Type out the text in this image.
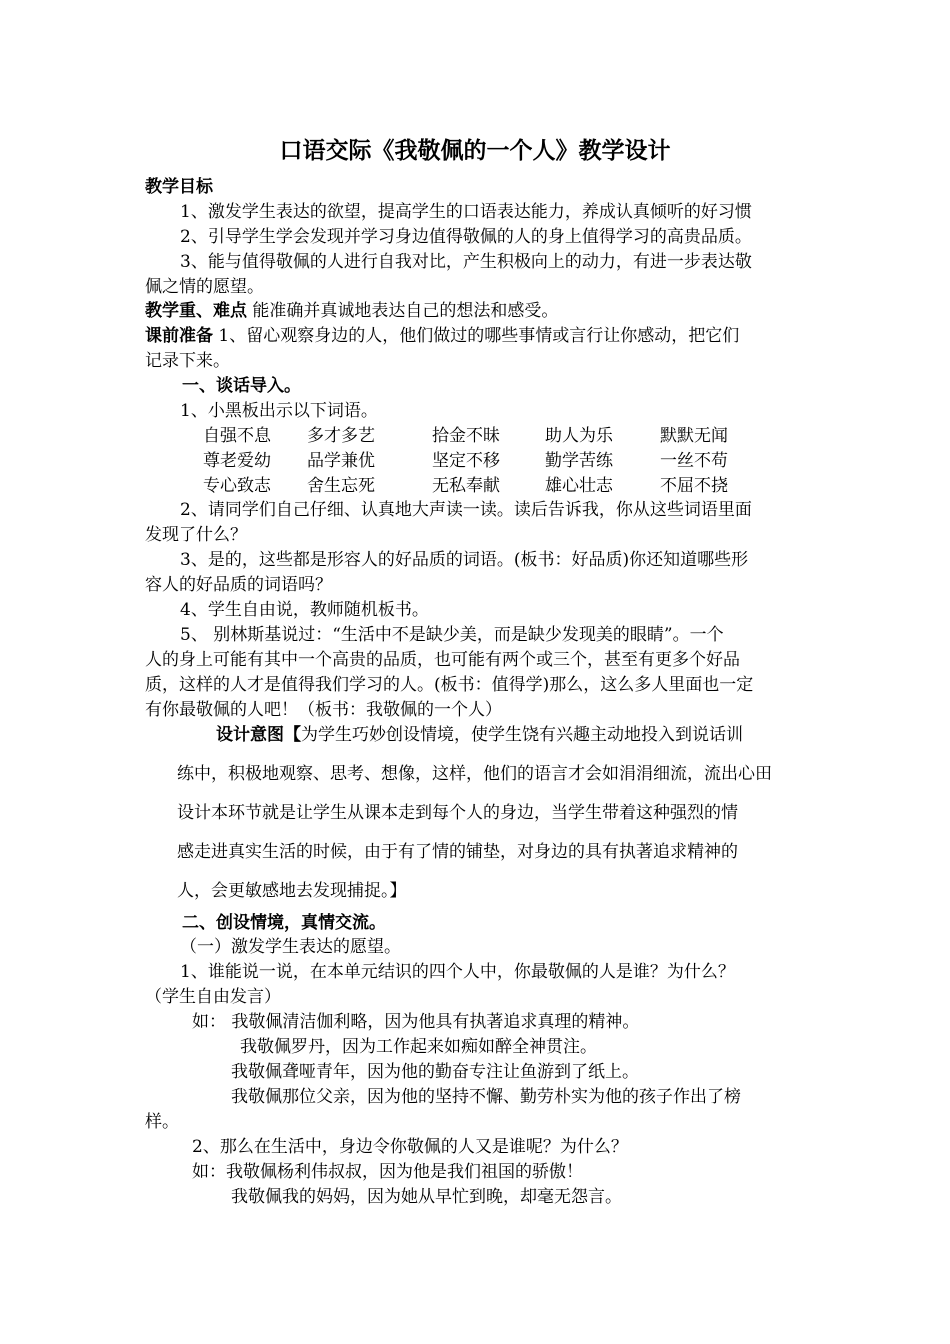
口语交际《我敬佩的一个人》教学设计
教学目标
1、激发学生表达的欲望，提高学生的口语表达能力，养成认真倾听的好习惯
2、引导学生学会发现并学习身边值得敬佩的人的身上值得学习的高贵品质。
3、能与值得敬佩的人进行自我对比，产生积极向上的动力，有进一步表达敬
佩之情的愿望。
教学重、难点 能准确并真诚地表达自己的想法和感受。
课前准备 1、留心观察身边的人，他们做过的哪些事情或言行让你感动，把它们
记录下来。
一、谈话导入。
1、小黑板出示以下词语。
自强不息 多才多艺	拾金不昧	助人为乐	默默无闻
尊老爱幼 品学兼优	坚定不移	勤学苦练	一丝不苟
专心致志 舍生忘死	无私奉献	雄心壮志	不屈不挠
2、请同学们自己仔细、认真地大声读一读。读后告诉我，你从这些词语里面
发现了什么？
3、是的，这些都是形容人的好品质的词语。(板书：好品质)你还知道哪些形
容人的好品质的词语吗？
4、学生自由说，教师随机板书。
5、 别林斯基说过：“生活中不是缺少美，而是缺少发现美的眼睛”。一个
人的身上可能有其中一个高贵的品质，也可能有两个或三个，甚至有更多个好品
质，这样的人才是值得我们学习的人。(板书：值得学)那么，这么多人里面也一定
有你最敬佩的人吧！（板书：我敬佩的一个人）
设计意图【为学生巧妙创设情境，使学生饶有兴趣主动地投入到说话训
练中，积极地观察、思考、想像，这样，他们的语言才会如涓涓细流，流出心田
设计本环节就是让学生从课本走到每个人的身边，当学生带着这种强烈的情
感走进真实生活的时候，由于有了情的铺垫，对身边的具有执著追求精神的
人，会更敏感地去发现捕捉。】
二、创设情境，真情交流。
（一）激发学生表达的愿望。
1、谁能说一说，在本单元结识的四个人中，你最敬佩的人是谁？为什么？
（学生自由发言）
如： 我敬佩清洁伽利略，因为他具有执著追求真理的精神。
我敬佩罗丹，因为工作起来如痴如醉全神贯注。
我敬佩聋哑青年，因为他的勤奋专注让鱼游到了纸上。
我敬佩那位父亲，因为他的坚持不懈、勤劳朴实为他的孩子作出了榜
样。
2、那么在生活中，身边令你敬佩的人又是谁呢？为什么？
如：我敬佩杨利伟叔叔，因为他是我们祖国的骄傲！
我敬佩我的妈妈，因为她从早忙到晚，却毫无怨言。
